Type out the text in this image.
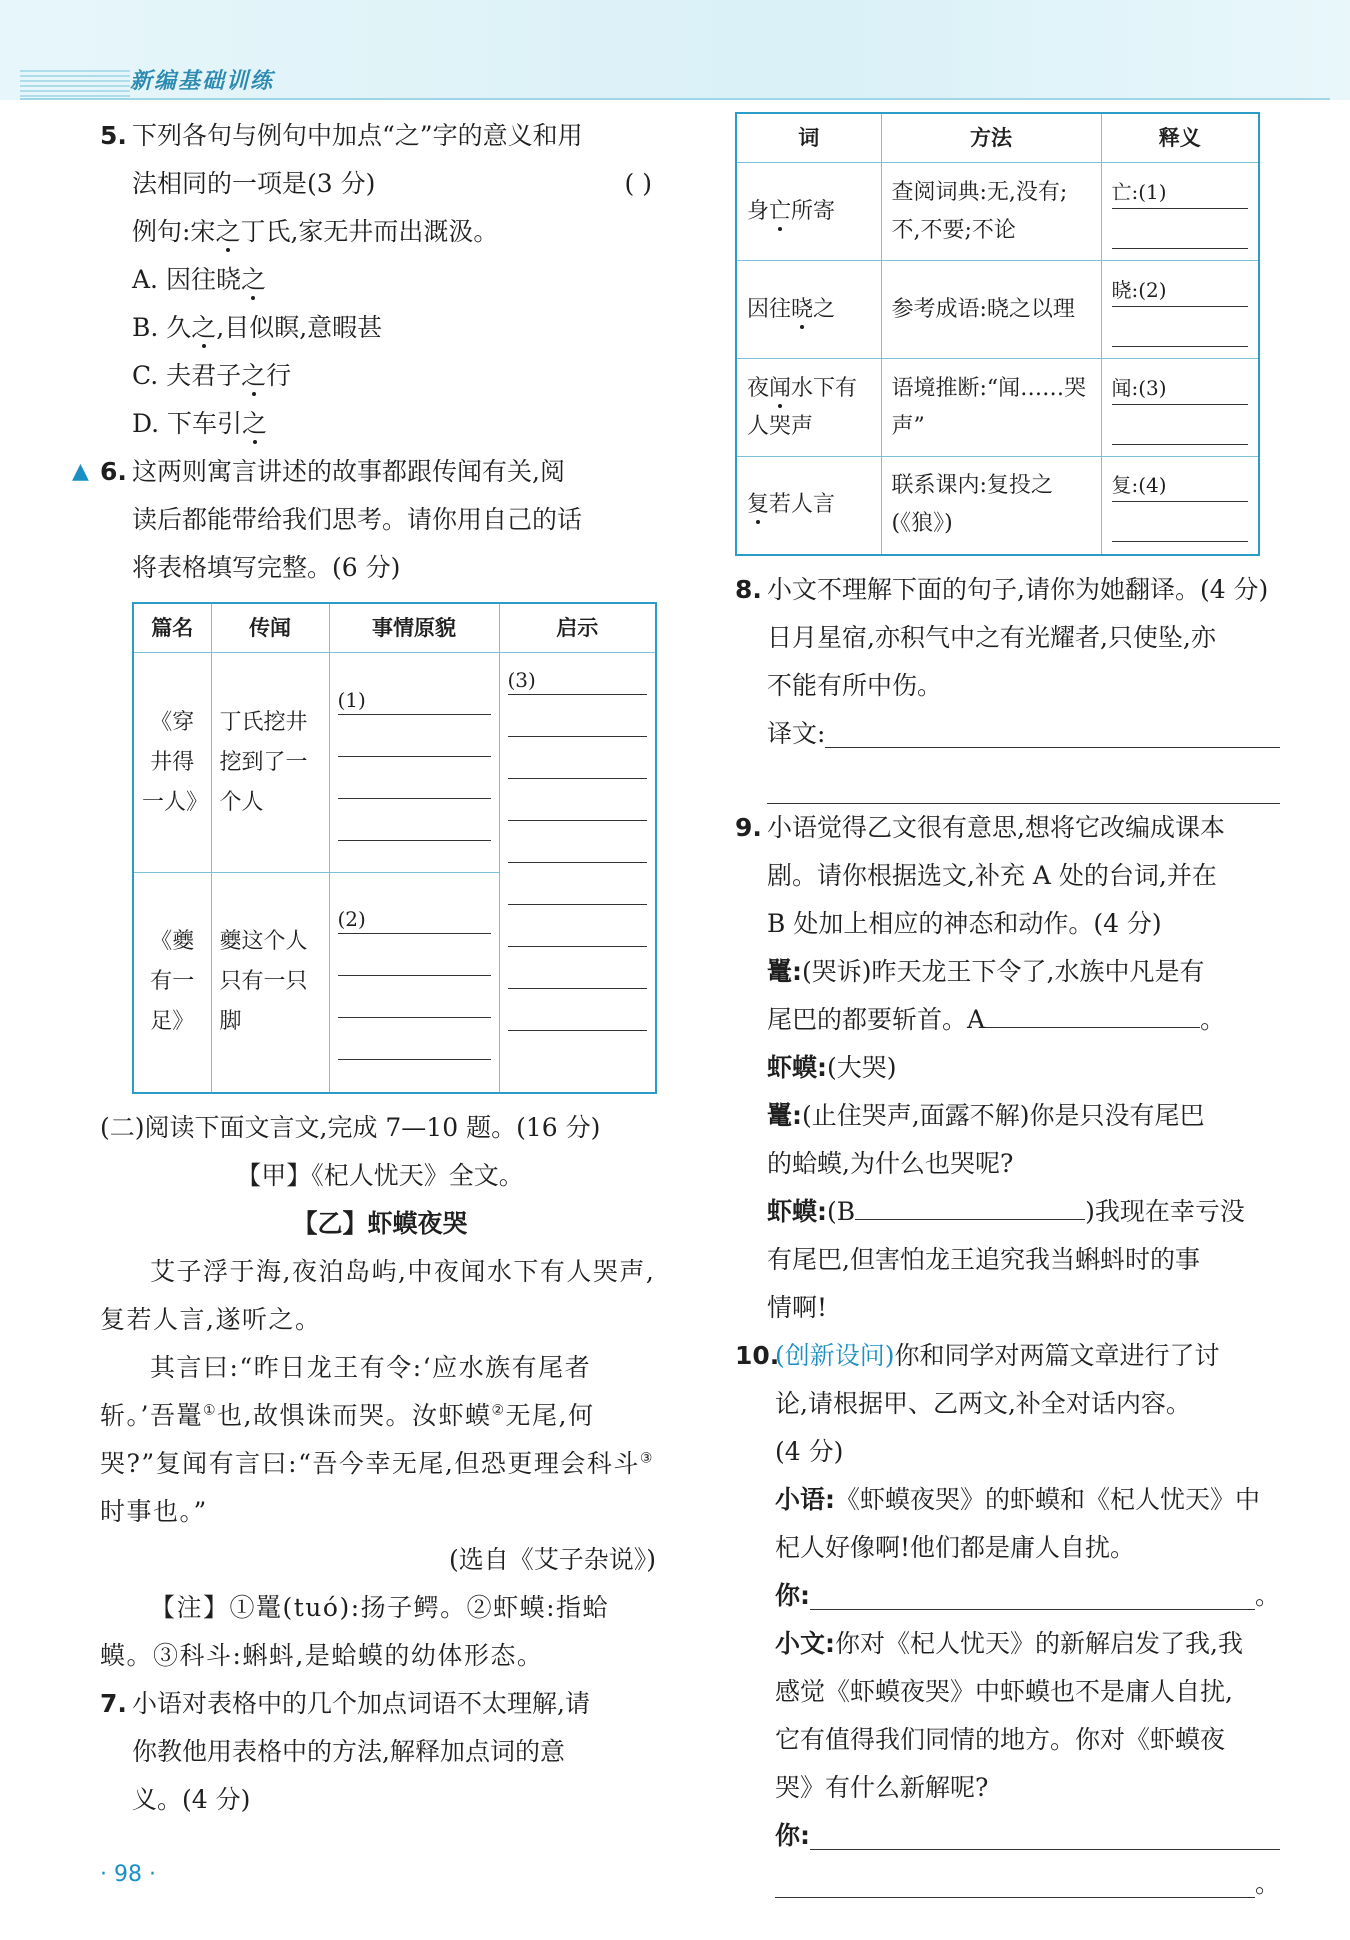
新编基础训练
5. 下列各句与例句中加点“之”字的意义和用
法相同的一项是(3 分)	( )
例句:宋之丁氏,家无井而出溉汲。
A. 因往晓之
B. 久之,目似瞑,意暇甚
C. 夫君子之行
D. 下车引之
▲ 6. 这两则寓言讲述的故事都跟传闻有关,阅
读后都能带给我们思考。请你用自己的话
将表格填写完整。(6 分)
篇名	传闻	事情原貌	启示
《穿井得一人》	丁氏挖井挖到了一个人	(1)	(3)

《夔有一足》	夔这个人只有一只脚	(2)	
(二)阅读下面文言文,完成 7—10 题。(16 分)
【甲】《杞人忧天》全文。
【乙】虾蟆夜哭
艾子浮于海,夜泊岛屿,中夜闻水下有人哭声,复若人言,遂听之。
其言曰:“昨日龙王有令:‘应水族有尾者斩。’吾鼍①也,故惧诛而哭。汝虾蟆②无尾,何哭?”复闻有言曰:“吾今幸无尾,但恐更理会科斗③时事也。”
(选自《艾子杂说》)
【注】①鼍(tuó):扬子鳄。②虾蟆:指蛤蟆。③科斗:蝌蚪,是蛤蟆的幼体形态。
7. 小语对表格中的几个加点词语不太理解,请
你教他用表格中的方法,解释加点词的意
义。(4 分)
词	方法	释义
身亡所寄	查阅词典:无,没有;不,不要;不论	亡:(1)

因往晓之	参考成语:晓之以理	晓:(2)

夜闻水下有人哭声	语境推断:“闻……哭声”	闻:(3)

复若人言	联系课内:复投之(《狼》)	复:(4)
8. 小文不理解下面的句子,请你为她翻译。(4 分)
日月星宿,亦积气中之有光耀者,只使坠,亦
不能有所中伤。
译文:
9. 小语觉得乙文很有意思,想将它改编成课本
剧。请你根据选文,补充 A 处的台词,并在
B 处加上相应的神态和动作。(4 分)
鼍:(哭诉)昨天龙王下令了,水族中凡是有
尾巴的都要斩首。A	。
虾蟆:(大哭)
鼍:(止住哭声,面露不解)你是只没有尾巴
的蛤蟆,为什么也哭呢?
虾蟆:(B	)我现在幸亏没
有尾巴,但害怕龙王追究我当蝌蚪时的事
情啊!
10.
(创新设问) 你和同学对两篇文章进行了讨
论,请根据甲、乙两文,补全对话内容。
(4 分)
小语:《虾蟆夜哭》的虾蟆和《杞人忧天》中
杞人好像啊!他们都是庸人自扰。
你:	。
小文:你对《杞人忧天》的新解启发了我,我
感觉《虾蟆夜哭》中虾蟆也不是庸人自扰,
它有值得我们同情的地方。你对《虾蟆夜
哭》有什么新解呢?
你:
。
· 98 ·
